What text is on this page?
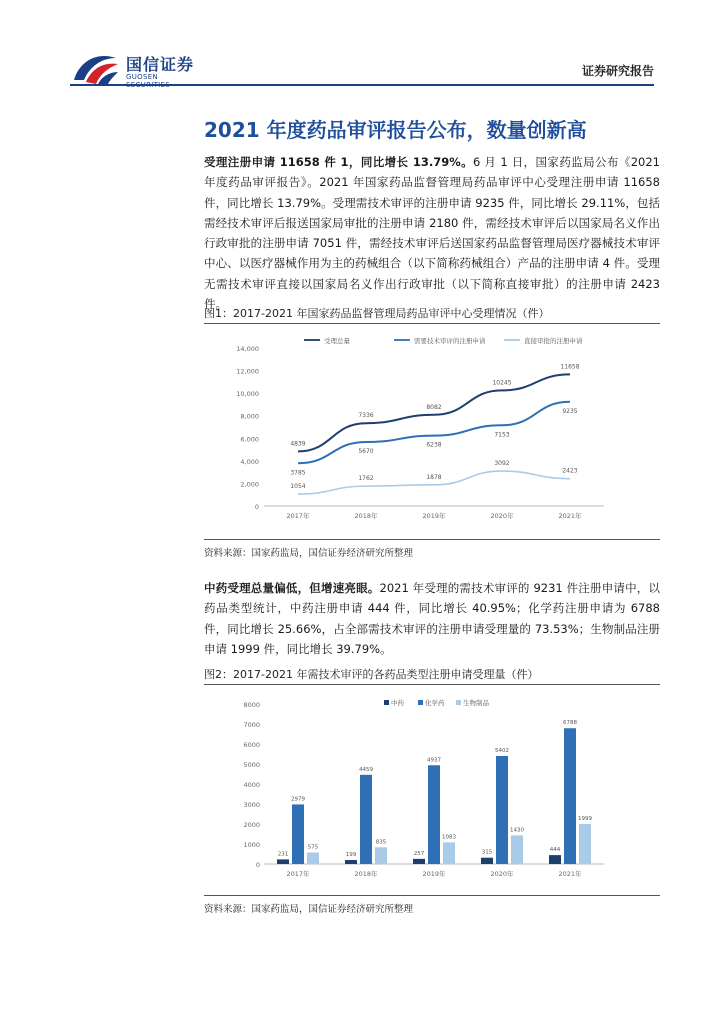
国信证券
GUOSEN	证券研究报告
2021 年度药品审评报告公布，数量创新高
受理注册申请 11658 件 1，同比增长 13.79%。6 月 1 日，国家药监局公布《2021 年度药品审评报告》。2021 年国家药品监督管理局药品审评中心受理注册申请 11658 件，同比增长 13.79%。受理需技术审评的注册申请 9235 件，同比增长 29.11%，包括需经技术审评后报送国家局审批的注册申请 2180 件，需经技术审评后以国家局名义作出行政审批的注册申请 7051 件，需经技术审评后送国家药品监督管理局医疗器械技术审评中心、以医疗器械作用为主的药械组合（以下简称药械组合）产品的注册申请 4 件。受理无需技术审评直接以国家局名义作出行政审批（以下简称直接审批）的注册申请 2423 件。
图1：2017-2021 年国家药品监督管理局药品审评中心受理情况（件）
0
2,000
4,000
6,000
8,000
10,000
12,000
14,000
2017年	2018年	2019年	2020年	2021年
受理总量
4839
7336
8082
10245
11658
需要技术审评的注册申请
3785
5670
6238
7153
9235
直接审批的注册申请
1054
1762	1878
3092
2423
资料来源：国家药监局，国信证券经济研究所整理
中药受理总量偏低，但增速亮眼。2021 年受理的需技术审评的 9231 件注册申请中，以药品类型统计，中药注册申请 444 件，同比增长 40.95%；化学药注册申请为 6788 件，同比增长 25.66%，占全部需技术审评的注册申请受理量的 73.53%；生物制品注册申请 1999 件，同比增长 39.79%。
图2：2017-2021 年需技术审评的各药品类型注册申请受理量（件）
0
1000
2000
3000
4000
5000
6000
7000
8000	中药	化学药	生物制品
231
2979
575
2017年
199
4459
835
2018年
257
4937
1083
2019年
315
5402
1430
2020年
444
6788
1999
2021年
资料来源：国家药监局，国信证券经济研究所整理
